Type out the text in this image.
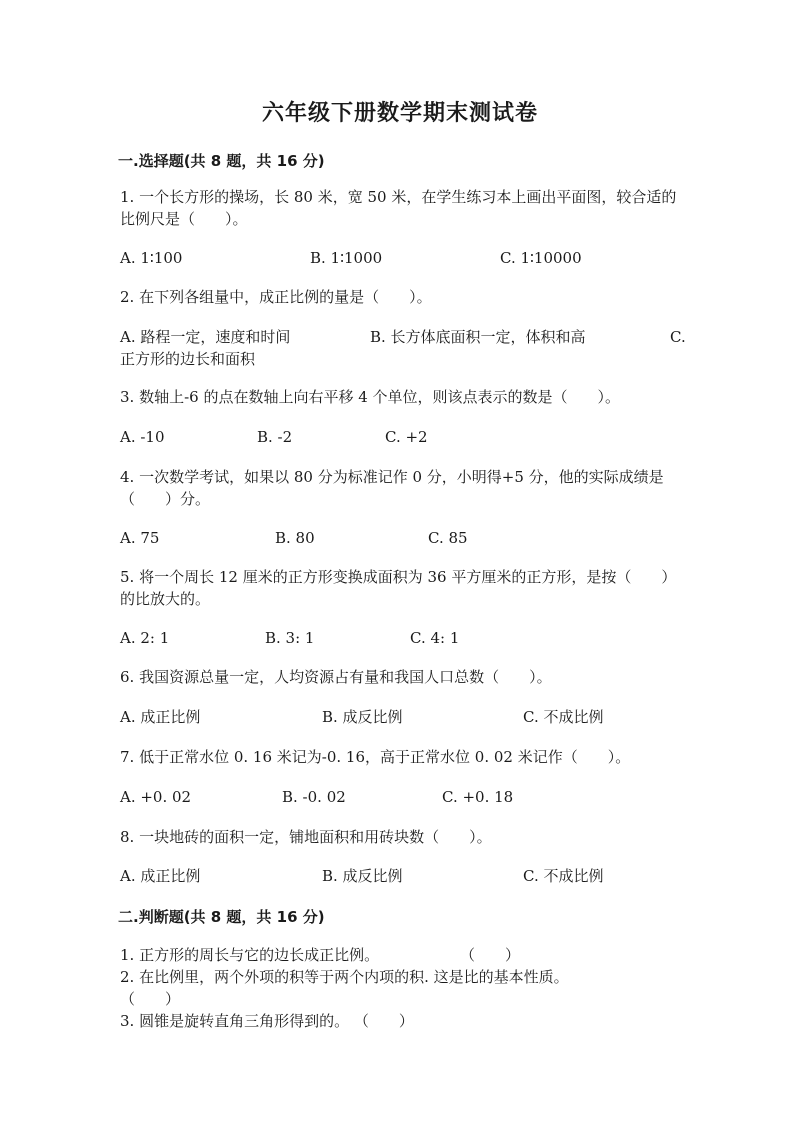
六年级下册数学期末测试卷
一.选择题(共 8 题，共 16 分)
1. 一个长方形的操场，长 80 米，宽 50 米，在学生练习本上画出平面图，较合适的比例尺是（　　）。
A. 1∶100	B. 1∶1000	C. 1∶10000
2. 在下列各组量中，成正比例的量是（　　）。
A. 路程一定，速度和时间	B. 长方体底面积一定，体积和高	C.
正方形的边长和面积
3. 数轴上-6 的点在数轴上向右平移 4 个单位，则该点表示的数是（　　）。
A. -10	B. -2	C. +2
4. 一次数学考试，如果以 80 分为标准记作 0 分，小明得+5 分，他的实际成绩是（　　）分。
A. 75	B. 80	C. 85
5. 将一个周长 12 厘米的正方形变换成面积为 36 平方厘米的正方形，是按（　　）的比放大的。
A. 2: 1	B. 3: 1	C. 4: 1
6. 我国资源总量一定，人均资源占有量和我国人口总数（　　）。
A. 成正比例	B. 成反比例	C. 不成比例
7. 低于正常水位 0. 16 米记为-0. 16，高于正常水位 0. 02 米记作（　　）。
A. +0. 02	B. -0. 02	C. +0. 18
8. 一块地砖的面积一定，铺地面积和用砖块数（　　）。
A. 成正比例	B. 成反比例	C. 不成比例
二.判断题(共 8 题，共 16 分)
1. 正方形的周长与它的边长成正比例。	（　　）
2. 在比例里，两个外项的积等于两个内项的积. 这是比的基本性质。
（　　）
3. 圆锥是旋转直角三角形得到的。 （　　）
